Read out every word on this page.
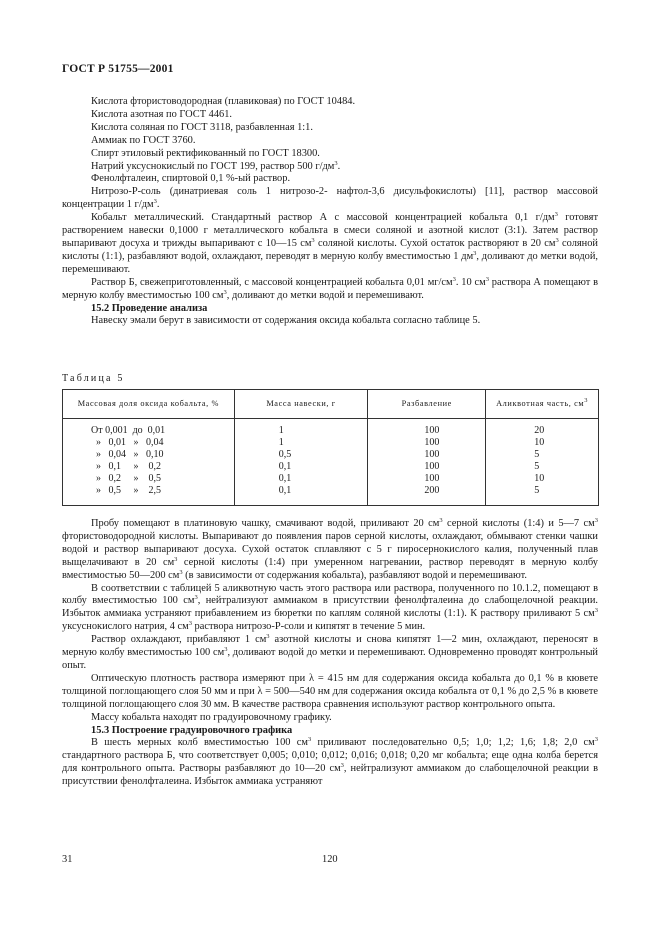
ГОСТ Р 51755—2001

Кислота фтористоводородная (плавиковая) по ГОСТ 10484.

Кислота азотная по ГОСТ 4461.

Кислота соляная по ГОСТ 3118, разбавленная 1:1.

Аммиак по ГОСТ 3760.

Спирт этиловый ректификованный по ГОСТ 18300.

Натрий уксуснокислый по ГОСТ 199, раствор 500 $г/дм^3$.

Фенолфталеин, спиртовой 0,1 %-ый раствор.

Нитрозо-Р-соль (динатриевая соль 1 нитрозо-2- нафтол-3,6 дисульфокислоты) [11], раствор массовой концентрации 1 $г/дм^3$.

Кобальт металлический. Стандартный раствор А с массовой концентрацией кобальта 0,1 $г/дм^3$ готовят растворением навески 0,1000 г металлического кобальта в смеси соляной и азотной кислот (3:1). Затем раствор выпаривают досуха и трижды выпаривают с 10—15 $см^3$ соляной кислоты. Сухой остаток растворяют в 20 $см^3$ соляной кислоты (1:1), разбавляют водой, охлаждают, переводят в мерную колбу вместимостью 1 $дм^3$, доливают до метки водой, перемешивают.

Раствор Б, свежеприготовленный, с массовой концентрацией кобальта 0,01 $мг/см^3$. 10 $см^3$ раствора А помещают в мерную колбу вместимостью 100 $см^3$, доливают до метки водой и перемешивают.

15.2 Проведение анализа

Навеску эмали берут в зависимости от содержания оксида кобальта согласно таблице 5.

Таблица 5
Массовая доля оксида кобальта, %	Масса навески, г	Разбавление	Аликвотная часть, $см^3$
От 0,001  до  0,01	1	100	20
»   0,01   »   0,04	1	100	10
»   0,04   »   0,10	0,5	100	5
»   0,1     »    0,2	0,1	100	5
»   0,2     »    0,5	0,1	100	10
»   0,5     »    2,5	0,1	200	5

Пробу помещают в платиновую чашку, смачивают водой, приливают 20 $см^3$ серной кислоты (1:4) и 5—7 $см^3$ фтористоводородной кислоты. Выпаривают до появления паров серной кислоты, охлаждают, обмывают стенки чашки водой и раствор выпаривают досуха. Сухой остаток сплавляют с 5 г пиросернокислого калия, полученный плав выщелачивают в 20 $см^3$ серной кислоты (1:4) при умеренном нагревании, раствор переводят в мерную колбу вместимостью 50—200 $см^3$ (в зависимости от содержания кобальта), разбавляют водой и перемешивают.

В соответствии с таблицей 5 аликвотную часть этого раствора или раствора, полученного по 10.1.2, помещают в колбу вместимостью 100 $см^3$, нейтрализуют аммиаком в присутствии фенолфталеина до слабощелочной реакции. Избыток аммиака устраняют прибавлением из бюретки по каплям соляной кислоты (1:1). К раствору приливают 5 $см^3$ уксуснокислого натрия, 4 $см^3$ раствора нитрозо-Р-соли и кипятят в течение 5 мин.

Раствор охлаждают, прибавляют 1 $см^3$ азотной кислоты и снова кипятят 1—2 мин, охлаждают, переносят в мерную колбу вместимостью 100 $см^3$, доливают водой до метки и перемешивают. Одновременно проводят контрольный опыт.

Оптическую плотность раствора измеряют при λ = 415 нм для содержания оксида кобальта до 0,1 % в кювете толщиной поглощающего слоя 50 мм и при λ = 500—540 нм для содержания оксида кобальта от 0,1 % до 2,5 % в кювете толщиной поглощающего слоя 30 мм. В качестве раствора сравнения используют раствор контрольного опыта.

Массу кобальта находят по градуировочному графику.

15.3 Построение градуировочного графика

В шесть мерных колб вместимостью 100 $см^3$ приливают последовательно 0,5; 1,0; 1,2; 1,6; 1,8; 2,0 $см^3$ стандартного раствора Б, что соответствует 0,005; 0,010; 0,012; 0,016; 0,018; 0,20 мг кобальта; еще одна колба берется для контрольного опыта. Растворы разбавляют до 10—20 $см^3$, нейтрализуют аммиаком до слабощелочной реакции в присутствии фенолфталеина. Избыток аммиака устраняют

31	120
